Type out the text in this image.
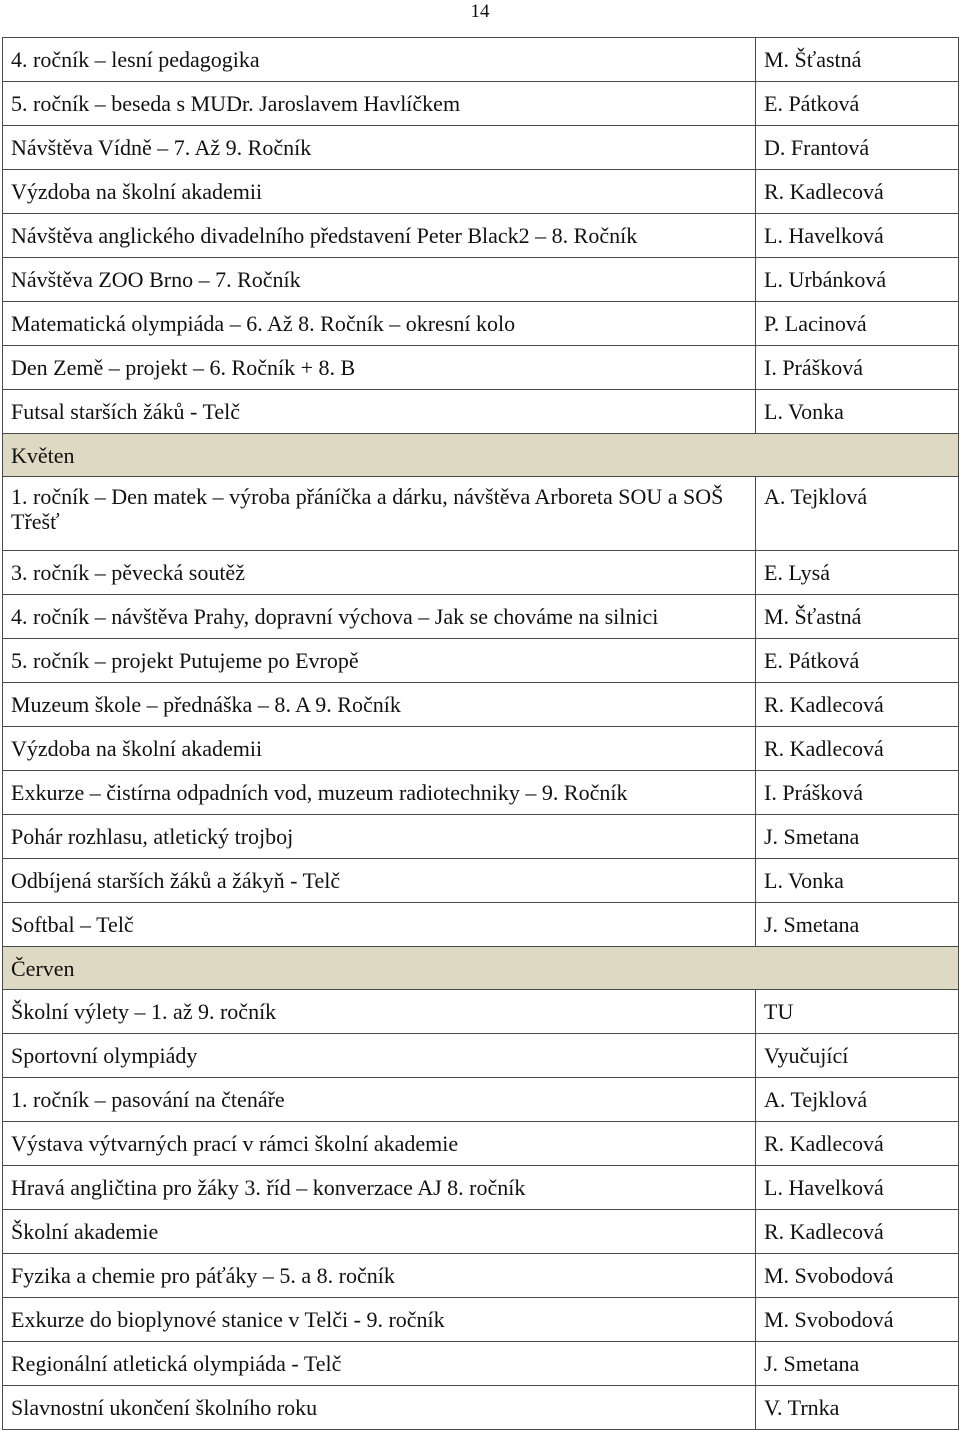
14
4. ročník – lesní pedagogika	M. Šťastná
5. ročník – beseda s MUDr. Jaroslavem Havlíčkem	E. Pátková
Návštěva Vídně – 7. Až 9. Ročník	D. Frantová
Výzdoba na školní akademii	R. Kadlecová
Návštěva anglického divadelního představení Peter Black2 – 8. Ročník	L. Havelková
Návštěva ZOO Brno – 7. Ročník	L. Urbánková
Matematická olympiáda – 6. Až 8. Ročník – okresní kolo	P. Lacinová
Den Země – projekt – 6. Ročník + 8. B	I. Prášková
Futsal starších žáků - Telč	L. Vonka
Květen	
1. ročník – Den matek – výroba přáníčka a dárku, návštěva Arboreta SOU a SOŠ Třešť	A. Tejklová
3. ročník – pěvecká soutěž	E. Lysá
4. ročník – návštěva Prahy, dopravní výchova – Jak se chováme na silnici	M. Šťastná
5. ročník – projekt Putujeme po Evropě	E. Pátková
Muzeum škole – přednáška – 8. A 9. Ročník	R. Kadlecová
Výzdoba na školní akademii	R. Kadlecová
Exkurze – čistírna odpadních vod, muzeum radiotechniky – 9. Ročník	I. Prášková
Pohár rozhlasu, atletický trojboj	J. Smetana
Odbíjená starších žáků a žákyň - Telč	L. Vonka
Softbal – Telč	J. Smetana
Červen	
Školní výlety – 1. až 9. ročník	TU
Sportovní olympiády	Vyučující
1. ročník – pasování na čtenáře	A. Tejklová
Výstava výtvarných prací v rámci školní akademie	R. Kadlecová
Hravá angličtina pro žáky 3. říd – konverzace AJ 8. ročník	L. Havelková
Školní akademie	R. Kadlecová
Fyzika a chemie pro páťáky – 5. a 8. ročník	M. Svobodová
Exkurze do bioplynové stanice v Telči - 9. ročník	M. Svobodová
Regionální atletická olympiáda - Telč	J. Smetana
Slavnostní ukončení školního roku	V. Trnka
